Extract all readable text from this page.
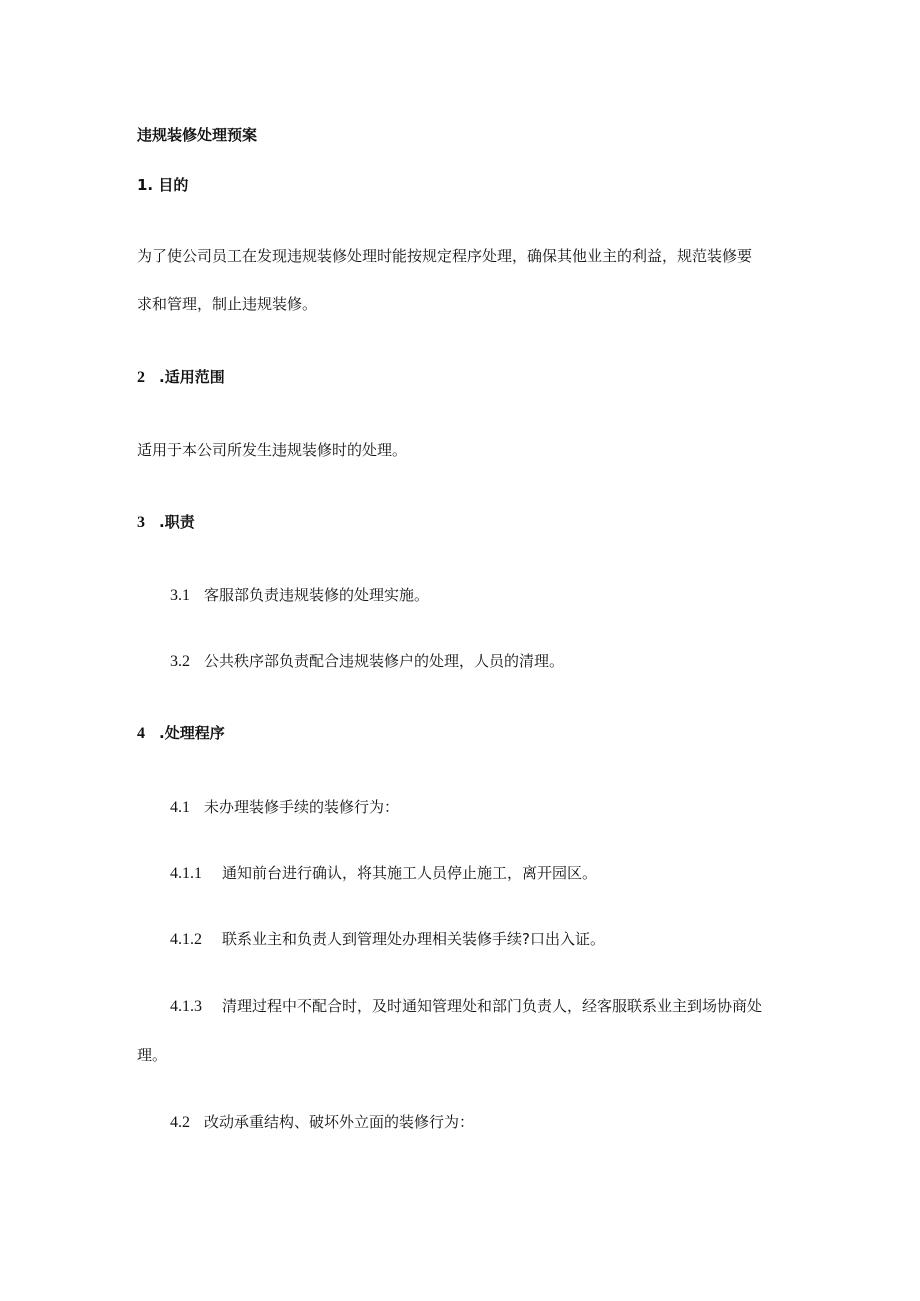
违规装修处理预案
1. 目的
为了使公司员工在发现违规装修处理时能按规定程序处理，确保其他业主的利益，规范装修要
求和管理，制止违规装修。
2 .适用范围
适用于本公司所发生违规装修时的处理。
3 .职责
3.1 客服部负责违规装修的处理实施。
3.2 公共秩序部负责配合违规装修户的处理，人员的清理。
4 .处理程序
4.1 未办理装修手续的装修行为：
4.1.1 通知前台进行确认，将其施工人员停止施工，离开园区。
4.1.2 联系业主和负责人到管理处办理相关装修手续?口出入证。
4.1.3 清理过程中不配合时，及时通知管理处和部门负责人，经客服联系业主到场协商处
理。
4.2 改动承重结构、破坏外立面的装修行为：
